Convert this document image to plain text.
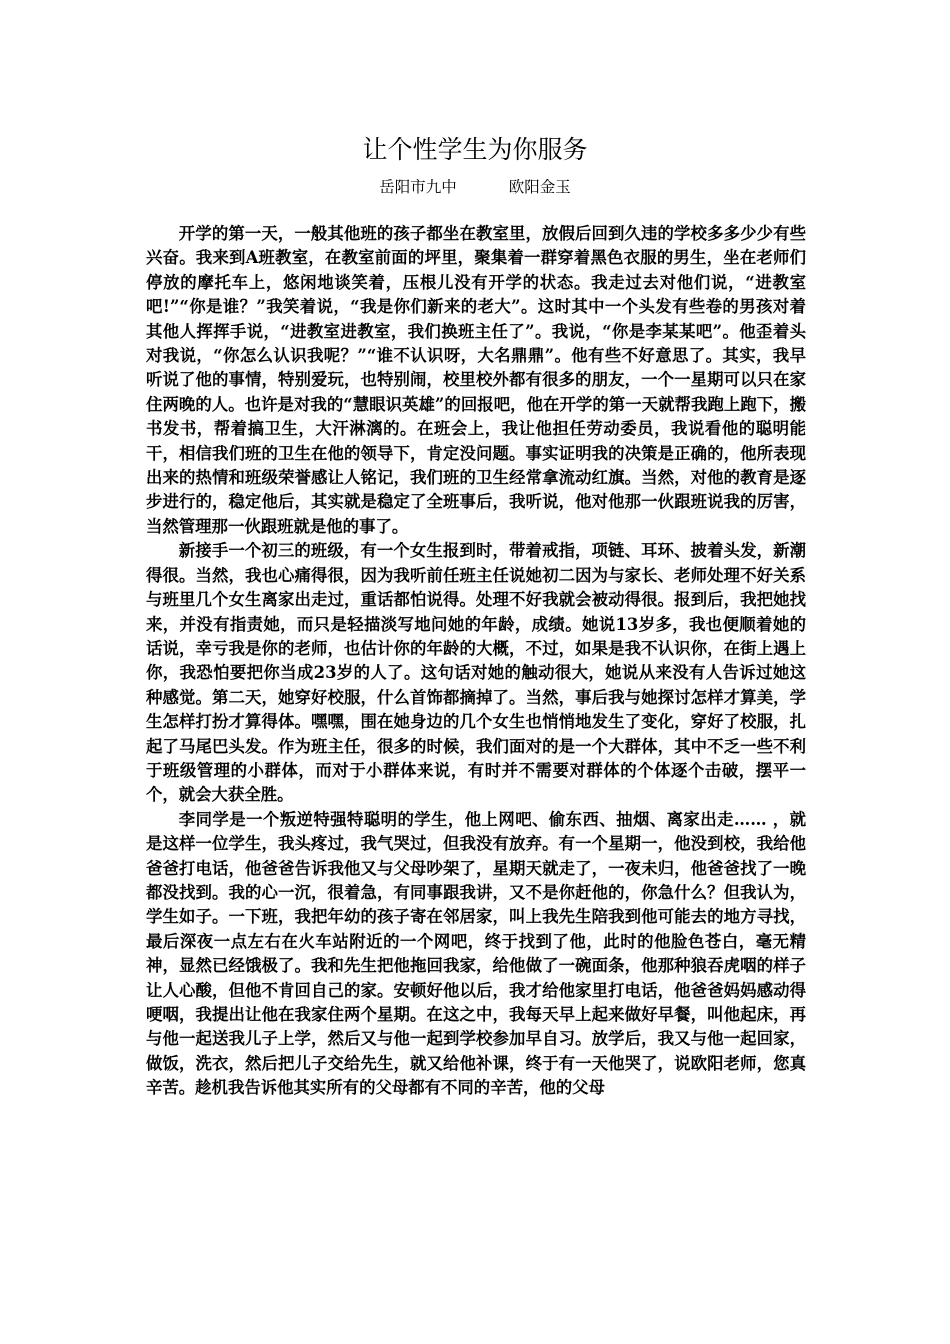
让个性学生为你服务
岳阳市九中	欧阳金玉

开学的第一天，一般其他班的孩子都坐在教室里，放假后回到久违的学校多多少少有些兴奋。我来到A班教室，在教室前面的坪里，聚集着一群穿着黑色衣服的男生，坐在老师们停放的摩托车上，悠闲地谈笑着，压根儿没有开学的状态。我走过去对他们说，“进教室吧!”“你是谁？”我笑着说，“我是你们新来的老大”。这时其中一个头发有些卷的男孩对着其他人挥挥手说，“进教室进教室，我们换班主任了”。我说，“你是李某某吧”。他歪着头对我说，“你怎么认识我呢？”“谁不认识呀，大名鼎鼎”。他有些不好意思了。其实，我早听说了他的事情，特别爱玩，也特别闹，校里校外都有很多的朋友，一个一星期可以只在家住两晚的人。也许是对我的“慧眼识英雄”的回报吧，他在开学的第一天就帮我跑上跑下，搬书发书，帮着搞卫生，大汗淋漓的。在班会上，我让他担任劳动委员，我说看他的聪明能干，相信我们班的卫生在他的领导下，肯定没问题。事实证明我的决策是正确的，他所表现出来的热情和班级荣誉感让人铭记，我们班的卫生经常拿流动红旗。当然，对他的教育是逐步进行的，稳定他后，其实就是稳定了全班事后，我听说，他对他那一伙跟班说我的厉害，当然管理那一伙跟班就是他的事了。

新接手一个初三的班级，有一个女生报到时，带着戒指，项链、耳环、披着头发，新潮得很。当然，我也心痛得很，因为我听前任班主任说她初二因为与家长、老师处理不好关系与班里几个女生离家出走过，重话都怕说得。处理不好我就会被动得很。报到后，我把她找来，并没有指责她，而只是轻描淡写地问她的年龄，成绩。她说13岁多，我也便顺着她的话说，幸亏我是你的老师，也估计你的年龄的大概，不过，如果是我不认识你，在街上遇上你，我恐怕要把你当成23岁的人了。这句话对她的触动很大，她说从来没有人告诉过她这种感觉。第二天，她穿好校服，什么首饰都摘掉了。当然，事后我与她探讨怎样才算美，学生怎样打扮才算得体。嘿嘿，围在她身边的几个女生也悄悄地发生了变化，穿好了校服，扎起了马尾巴头发。作为班主任，很多的时候，我们面对的是一个大群体，其中不乏一些不利于班级管理的小群体，而对于小群体来说，有时并不需要对群体的个体逐个击破，摆平一个，就会大获全胜。

李同学是一个叛逆特强特聪明的学生，他上网吧、偷东西、抽烟、离家出走…… ，就是这样一位学生，我头疼过，我气哭过，但我没有放弃。有一个星期一，他没到校，我给他爸爸打电话，他爸爸告诉我他又与父母吵架了，星期天就走了，一夜未归，他爸爸找了一晚都没找到。我的心一沉，很着急，有同事跟我讲，又不是你赶他的，你急什么？但我认为，学生如子。一下班，我把年幼的孩子寄在邻居家，叫上我先生陪我到他可能去的地方寻找，最后深夜一点左右在火车站附近的一个网吧，终于找到了他，此时的他脸色苍白，毫无精神，显然已经饿极了。我和先生把他拖回我家，给他做了一碗面条，他那种狼吞虎咽的样子让人心酸，但他不肯回自己的家。安顿好他以后，我才给他家里打电话，他爸爸妈妈感动得哽咽，我提出让他在我家住两个星期。在这之中，我每天早上起来做好早餐，叫他起床，再与他一起送我儿子上学，然后又与他一起到学校参加早自习。放学后，我又与他一起回家，做饭，洗衣，然后把儿子交给先生，就又给他补课，终于有一天他哭了，说欧阳老师，您真辛苦。趁机我告诉他其实所有的父母都有不同的辛苦，他的父母
